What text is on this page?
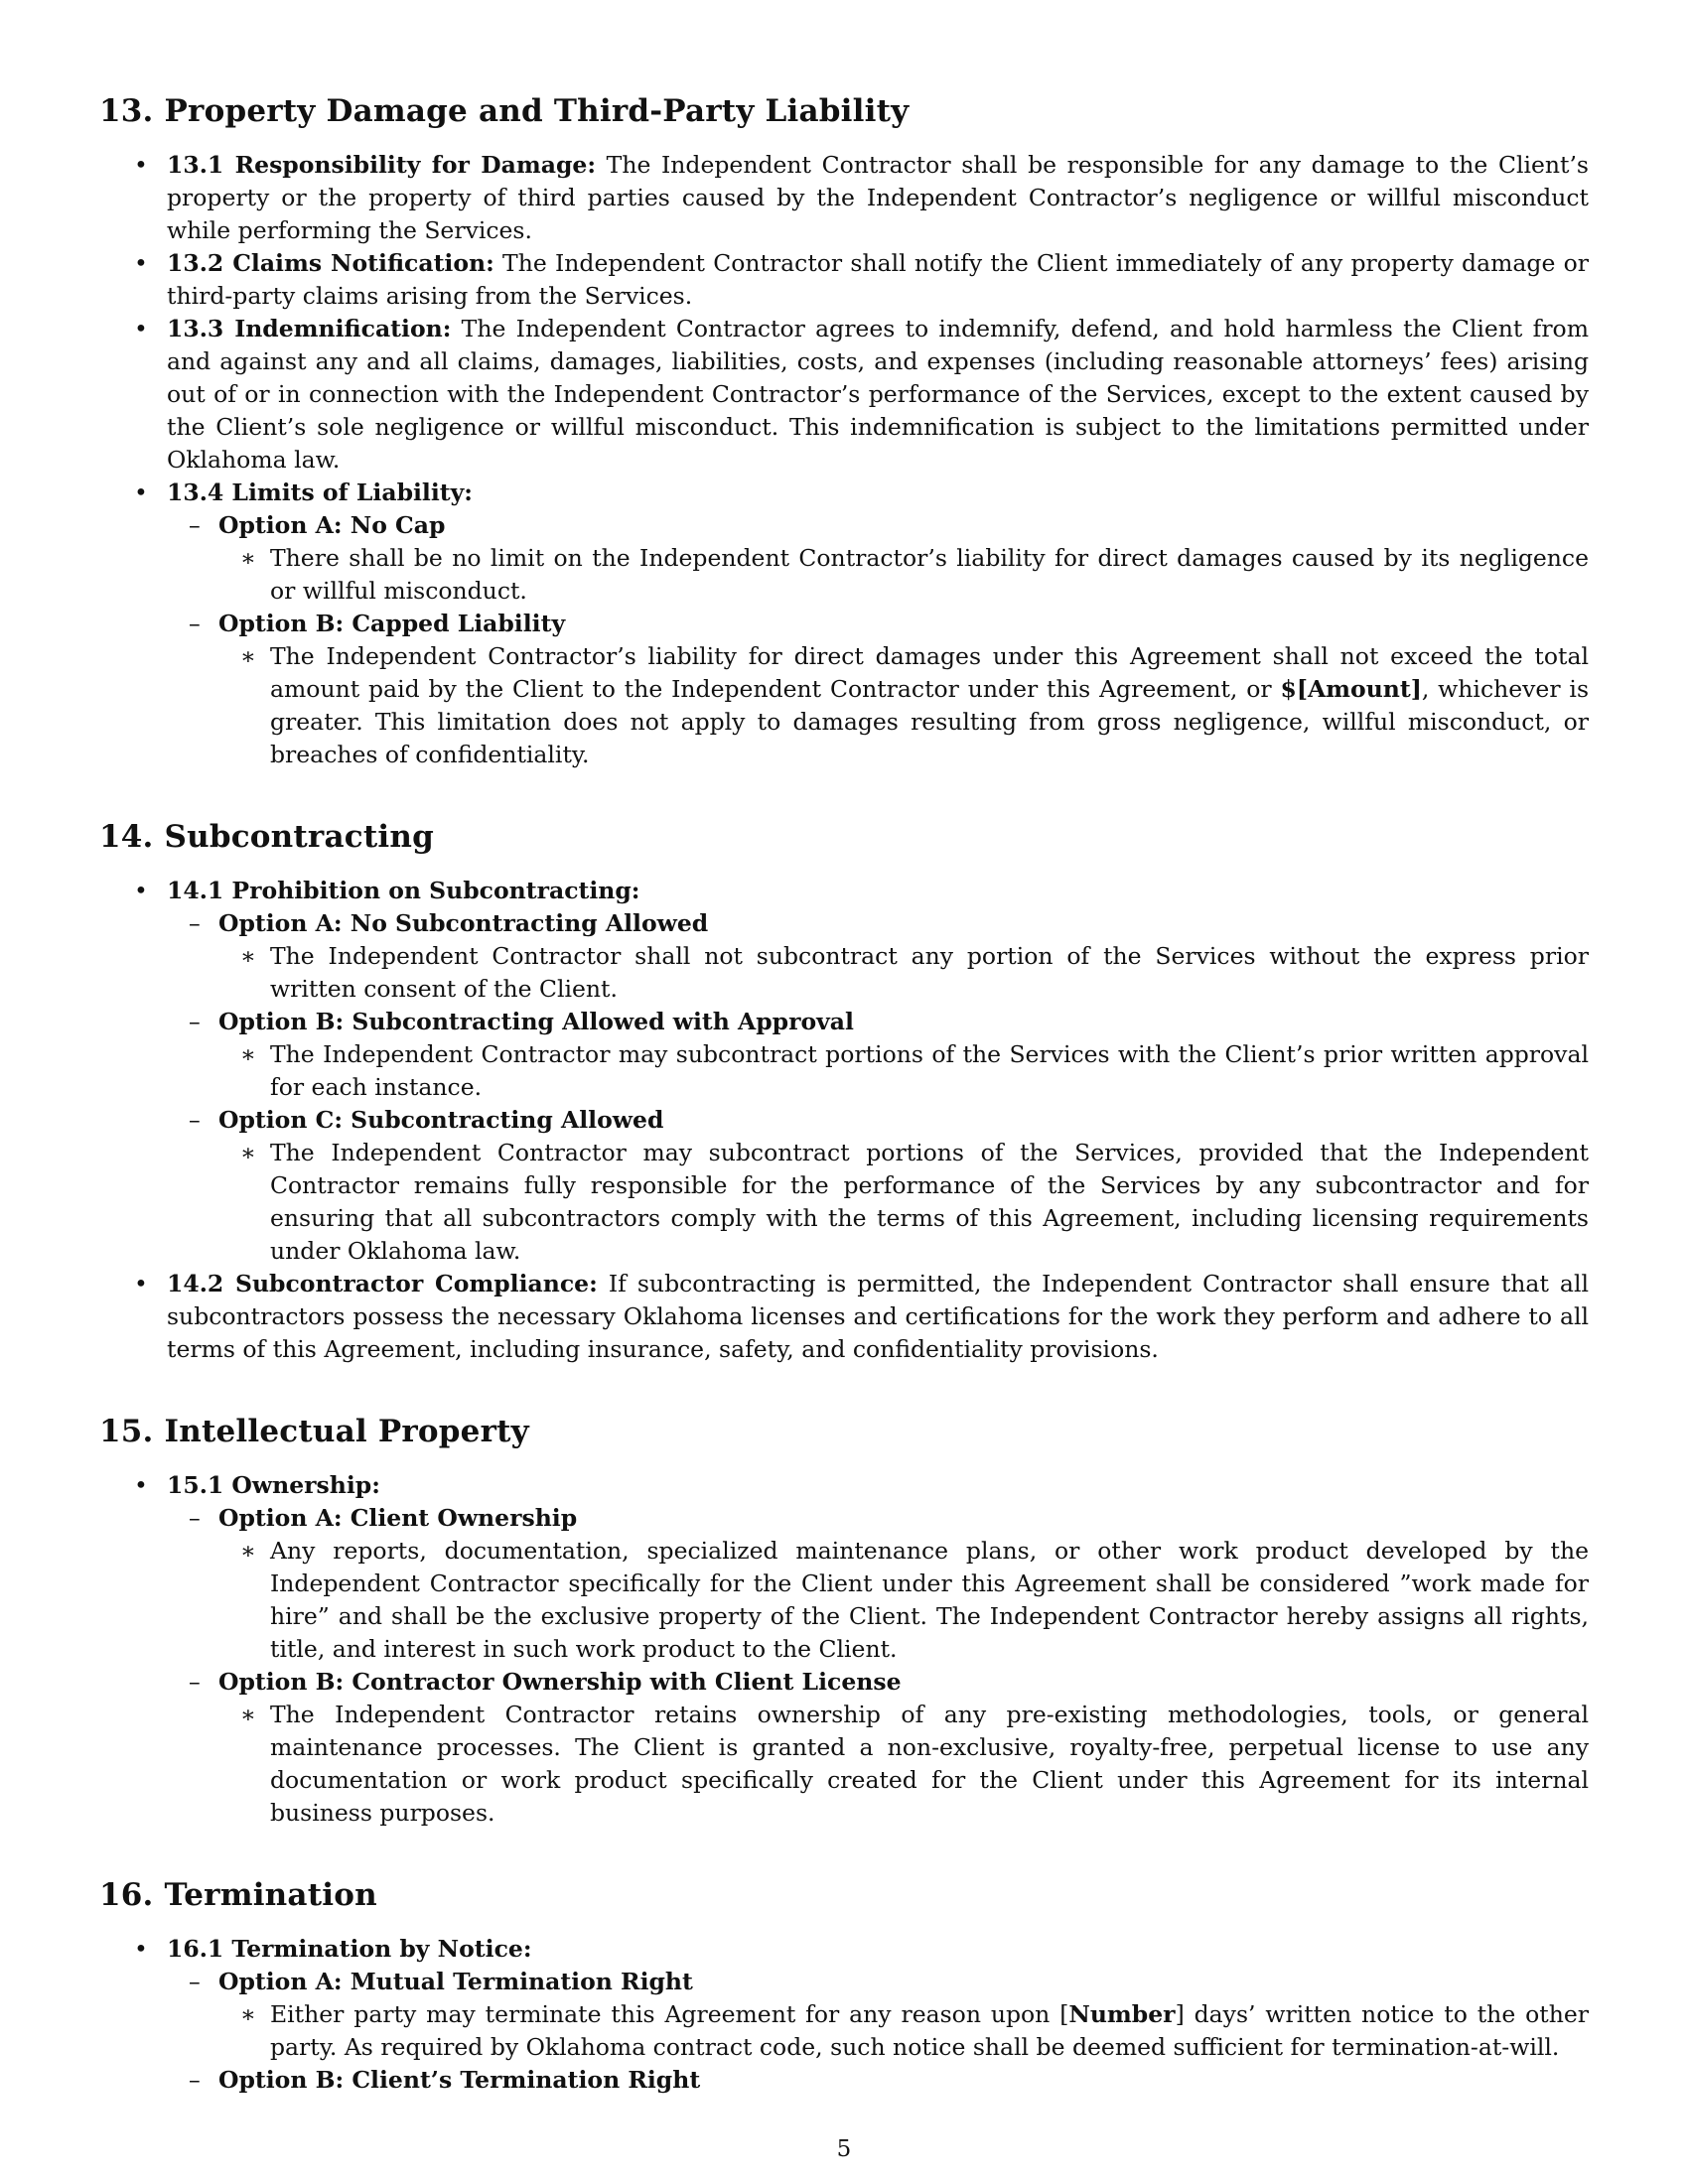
13. Property Damage and Third-Party Liability
• 13.1 Responsibility for Damage: The Independent Contractor shall be responsible for any damage to the Client’s property or the property of third parties caused by the Independent Contractor’s negligence or willful misconduct while performing the Services.
• 13.2 Claims Notification: The Independent Contractor shall notify the Client immediately of any property damage or third-party claims arising from the Services.
• 13.3 Indemnification: The Independent Contractor agrees to indemnify, defend, and hold harmless the Client from and against any and all claims, damages, liabilities, costs, and expenses (including reasonable attorneys’ fees) arising out of or in connection with the Independent Contractor’s performance of the Services, except to the extent caused by the Client’s sole negligence or willful misconduct. This indemnification is subject to the limitations permitted under Oklahoma law.
• 13.4 Limits of Liability:
– Option A: No Cap
∗ There shall be no limit on the Independent Contractor’s liability for direct damages caused by its negligence or willful misconduct.
– Option B: Capped Liability
∗ The Independent Contractor’s liability for direct damages under this Agreement shall not exceed the total amount paid by the Client to the Independent Contractor under this Agreement, or $[Amount], whichever is greater. This limitation does not apply to damages resulting from gross negligence, willful misconduct, or breaches of confidentiality.
14. Subcontracting
• 14.1 Prohibition on Subcontracting:
– Option A: No Subcontracting Allowed
∗ The Independent Contractor shall not subcontract any portion of the Services without the express prior written consent of the Client.
– Option B: Subcontracting Allowed with Approval
∗ The Independent Contractor may subcontract portions of the Services with the Client’s prior written approval for each instance.
– Option C: Subcontracting Allowed
∗ The Independent Contractor may subcontract portions of the Services, provided that the Independent Contractor remains fully responsible for the performance of the Services by any subcontractor and for ensuring that all subcontractors comply with the terms of this Agreement, including licensing requirements under Oklahoma law.
• 14.2 Subcontractor Compliance: If subcontracting is permitted, the Independent Contractor shall ensure that all subcontractors possess the necessary Oklahoma licenses and certifications for the work they perform and adhere to all terms of this Agreement, including insurance, safety, and confidentiality provisions.
15. Intellectual Property
• 15.1 Ownership:
– Option A: Client Ownership
∗ Any reports, documentation, specialized maintenance plans, or other work product developed by the Independent Contractor specifically for the Client under this Agreement shall be considered ”work made for hire” and shall be the exclusive property of the Client. The Independent Contractor hereby assigns all rights, title, and interest in such work product to the Client.
– Option B: Contractor Ownership with Client License
∗ The Independent Contractor retains ownership of any pre-existing methodologies, tools, or general maintenance processes. The Client is granted a non-exclusive, royalty-free, perpetual license to use any documentation or work product specifically created for the Client under this Agreement for its internal business purposes.
16. Termination
• 16.1 Termination by Notice:
– Option A: Mutual Termination Right
∗ Either party may terminate this Agreement for any reason upon [Number] days’ written notice to the other party. As required by Oklahoma contract code, such notice shall be deemed sufficient for termination-at-will.
– Option B: Client’s Termination Right
5
